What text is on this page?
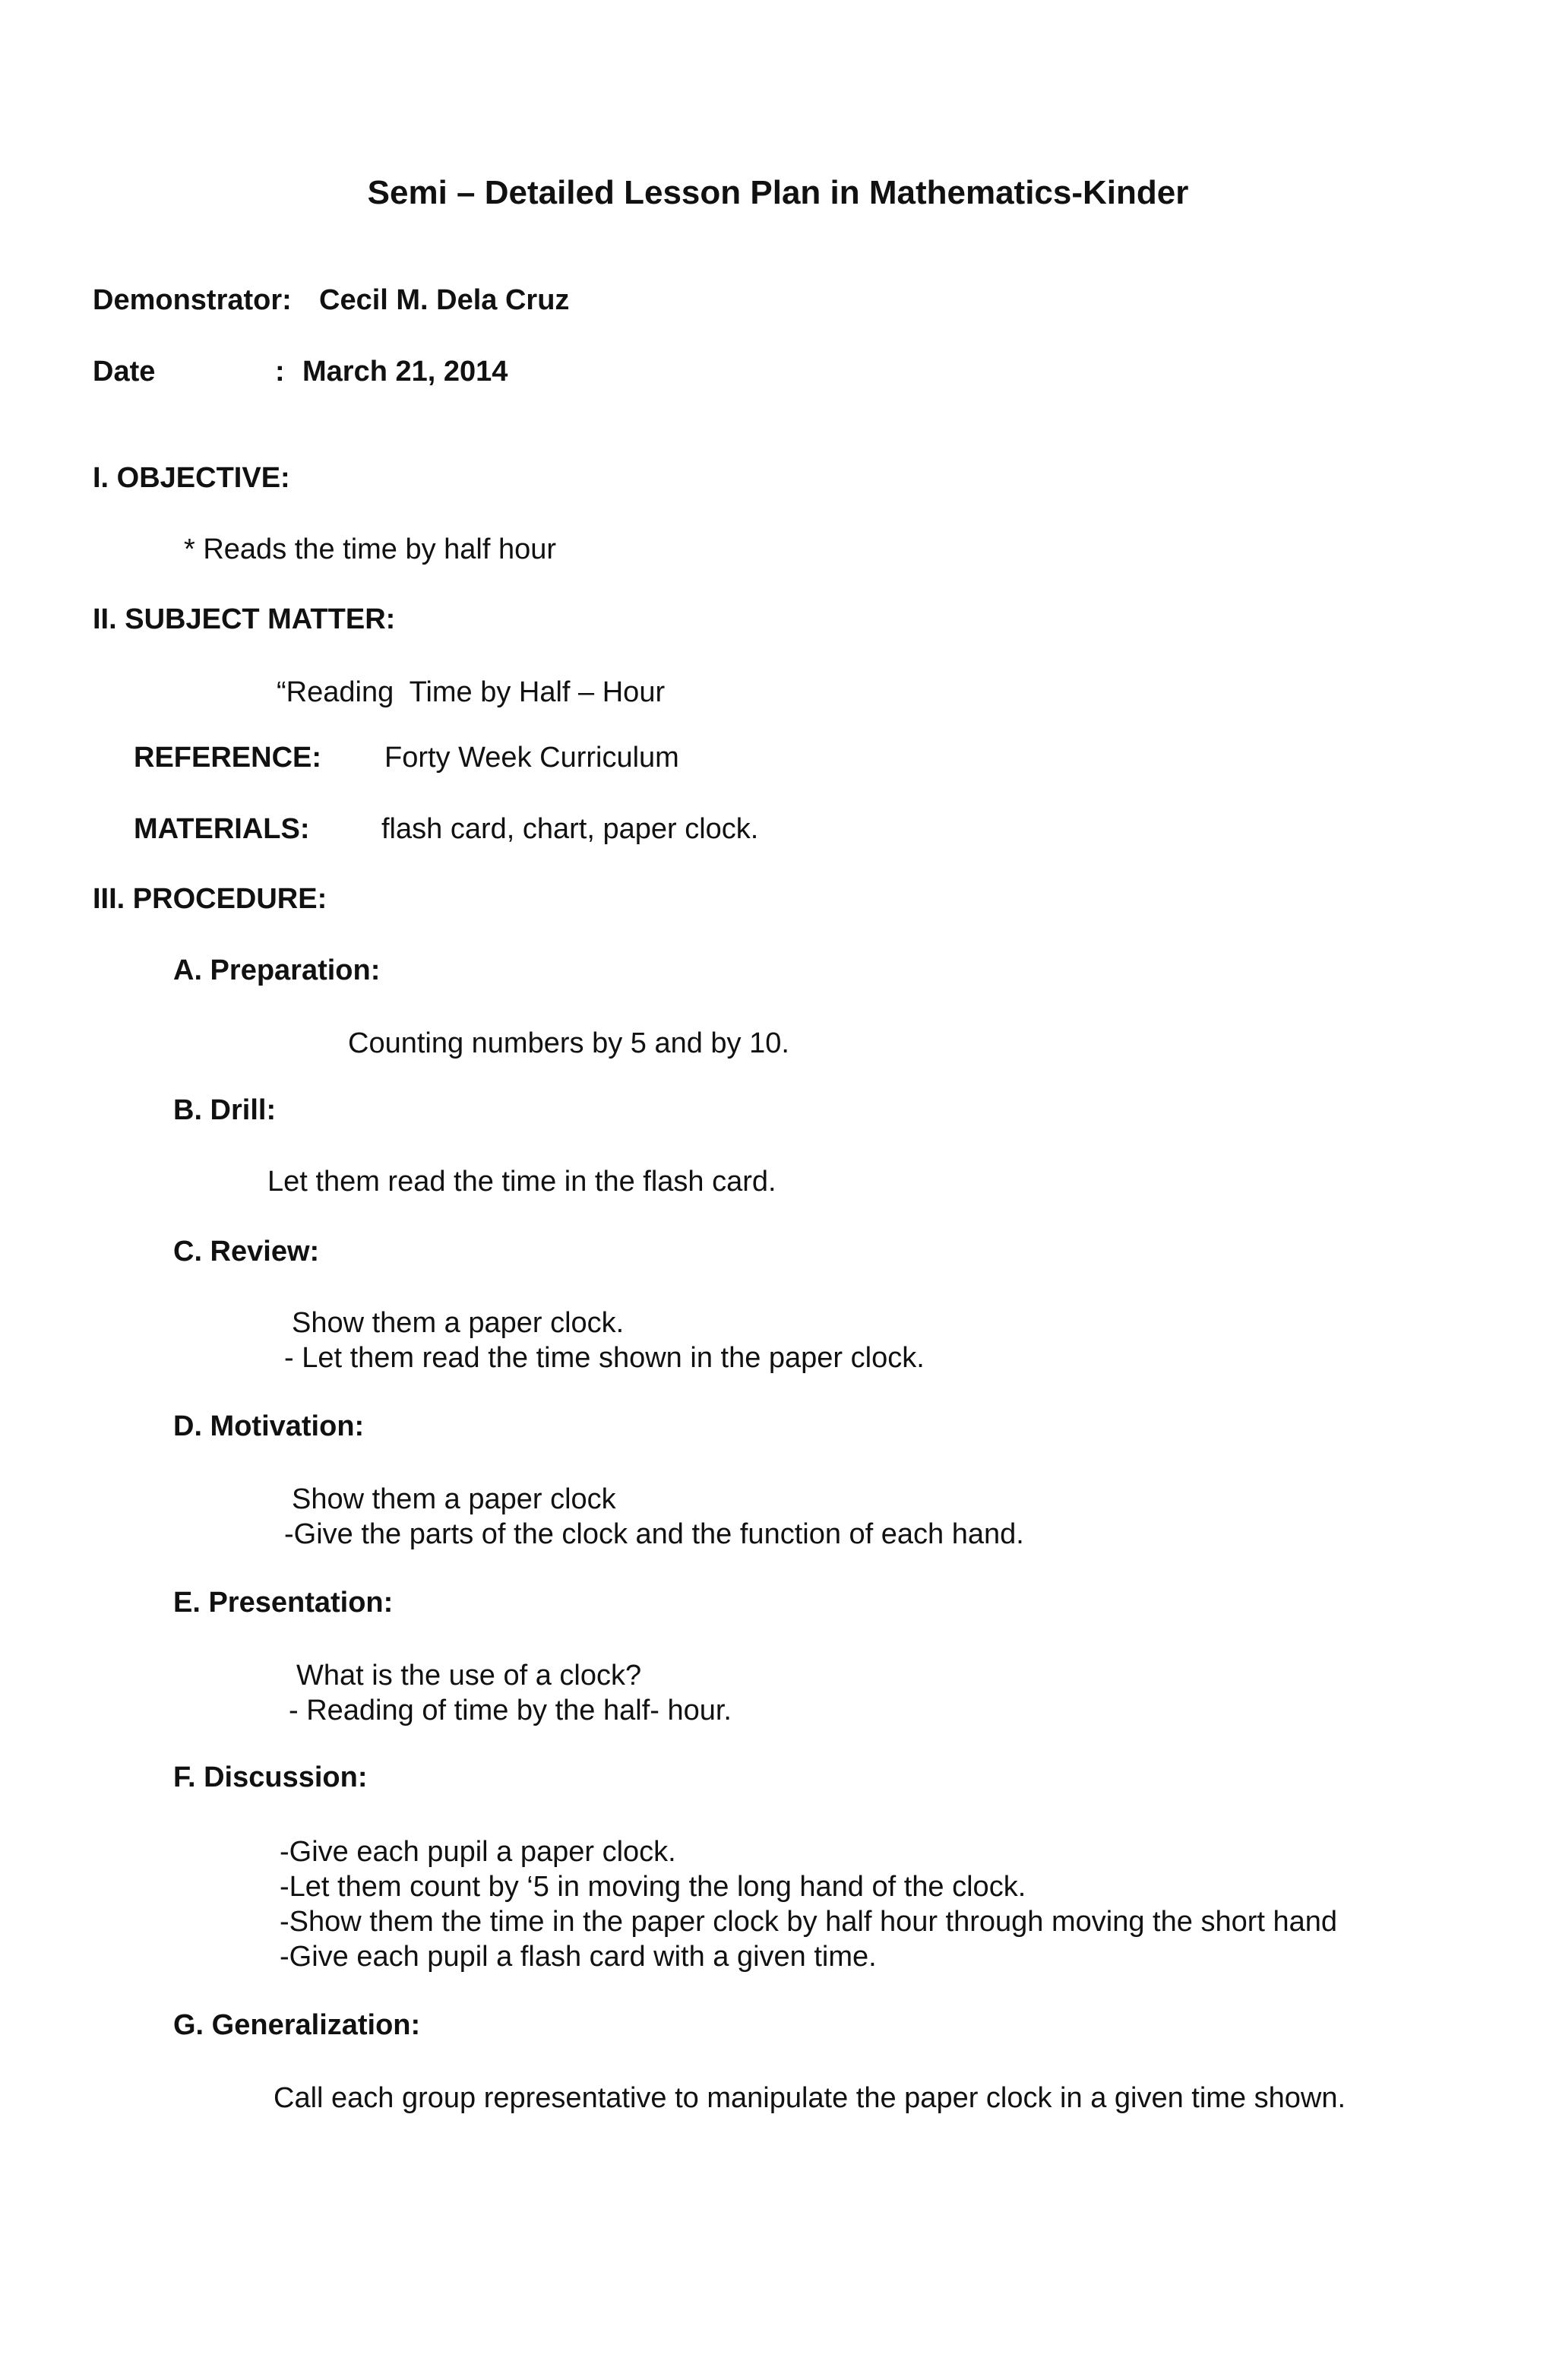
Semi – Detailed Lesson Plan in Mathematics-Kinder
Demonstrator: Cecil M. Dela Cruz
Date	: March 21, 2014
I. OBJECTIVE:
* Reads the time by half hour
II. SUBJECT MATTER:
“Reading  Time by Half – Hour
REFERENCE: Forty Week Curriculum
MATERIALS: flash card, chart, paper clock.
III. PROCEDURE:
A. Preparation:
Counting numbers by 5 and by 10.
B. Drill:
Let them read the time in the flash card.
C. Review:
Show them a paper clock.
- Let them read the time shown in the paper clock.
D. Motivation:
Show them a paper clock
-Give the parts of the clock and the function of each hand.
E. Presentation:
What is the use of a clock?
- Reading of time by the half- hour.
F. Discussion:
-Give each pupil a paper clock.
-Let them count by ‘5 in moving the long hand of the clock.
-Show them the time in the paper clock by half hour through moving the short hand
-Give each pupil a flash card with a given time.
G. Generalization:
Call each group representative to manipulate the paper clock in a given time shown.
